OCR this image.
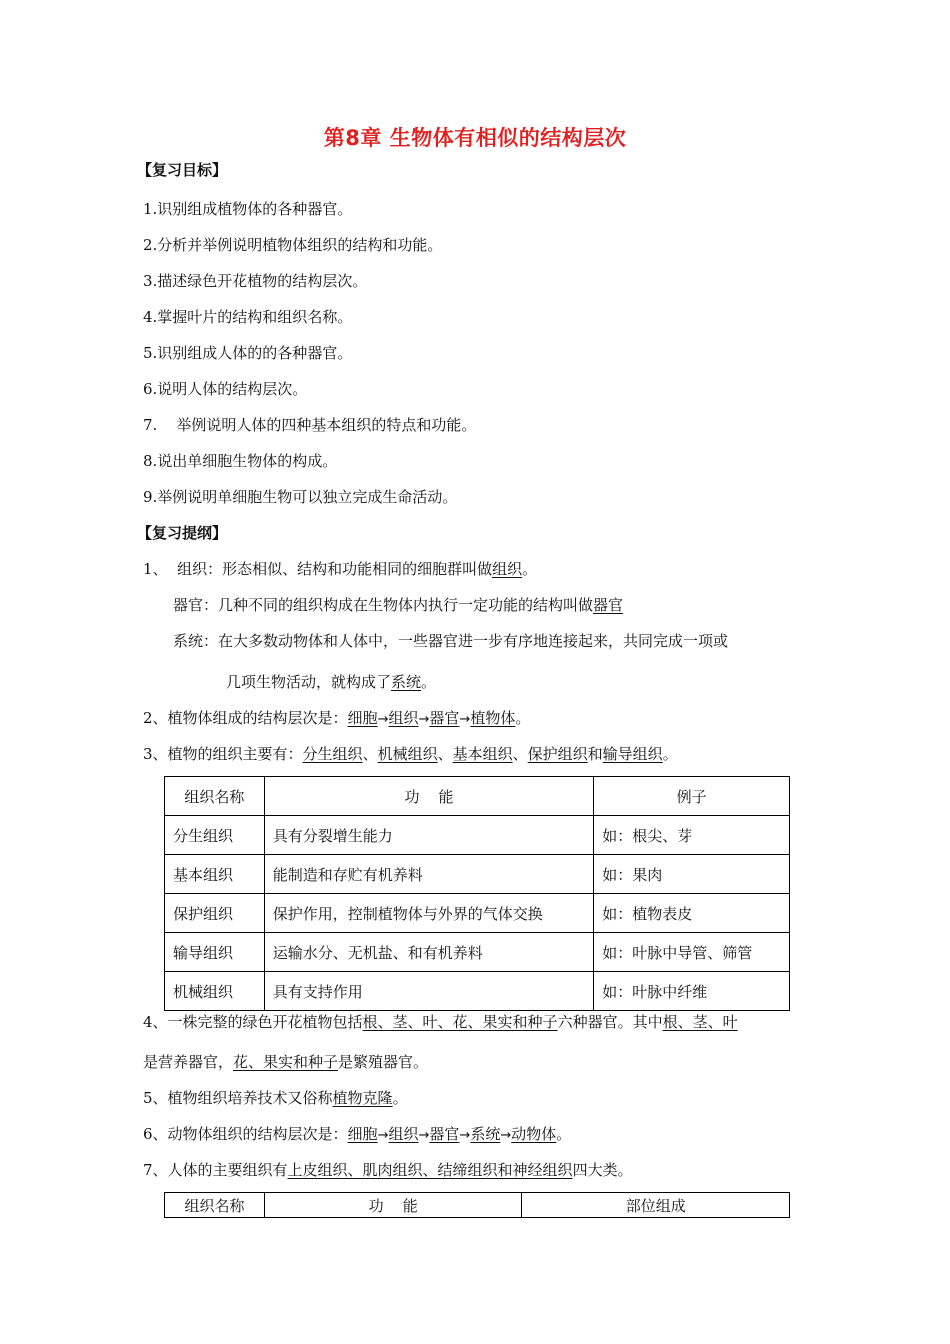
第8章 生物体有相似的结构层次
【复习目标】
1.识别组成植物体的各种器官。
2.分析并举例说明植物体组织的结构和功能。
3.描述绿色开花植物的结构层次。
4.掌握叶片的结构和组织名称。
5.识别组成人体的的各种器官。
6.说明人体的结构层次。
7.    举例说明人体的四种基本组织的特点和功能。
8.说出单细胞生物体的构成。
9.举例说明单细胞生物可以独立完成生命活动。
【复习提纲】
1、  组织：形态相似、结构和功能相同的细胞群叫做组织。
器官：几种不同的组织构成在生物体内执行一定功能的结构叫做器官
系统：在大多数动物体和人体中，一些器官进一步有序地连接起来，共同完成一项或
几项生物活动，就构成了系统。
2、植物体组成的结构层次是：细胞→组织→器官→植物体。
3、植物的组织主要有：分生组织、机械组织、基本组织、保护组织和输导组织。
组织名称	功    能	例子
分生组织	具有分裂增生能力	如：根尖、芽
基本组织	能制造和存贮有机养料	如：果肉
保护组织	保护作用，控制植物体与外界的气体交换	如：植物表皮
输导组织	运输水分、无机盐、和有机养料	如：叶脉中导管、筛管
机械组织	具有支持作用	如：叶脉中纤维
4、一株完整的绿色开花植物包括根、茎、叶、花、果实和种子六种器官。其中根、茎、叶
是营养器官，花、果实和种子是繁殖器官。
5、植物组织培养技术又俗称植物克隆。
6、动物体组织的结构层次是：细胞→组织→器官→系统→动物体。
7、人体的主要组织有上皮组织、肌肉组织、结缔组织和神经组织四大类。
组织名称	功    能	部位组成
